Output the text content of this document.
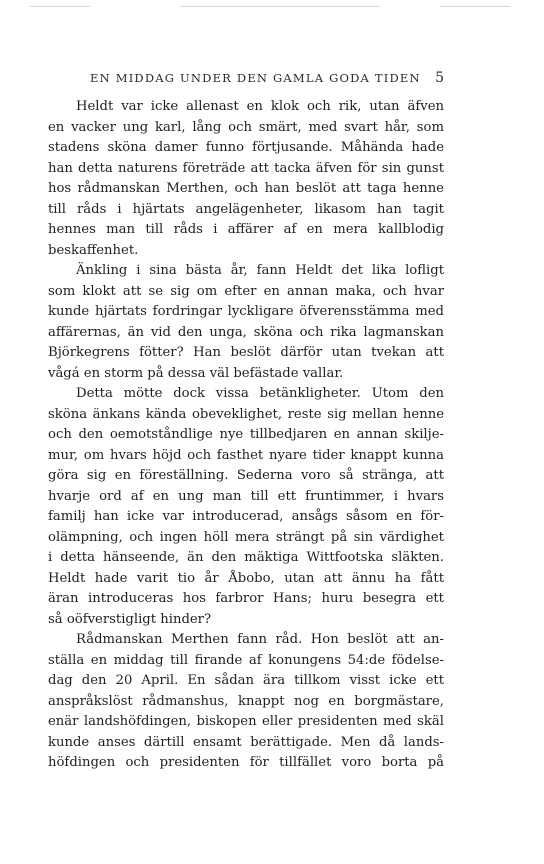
EN MIDDAG UNDER DEN GAMLA GODA TIDEN 5
Heldt var icke allenast en klok och rik, utan äfven
en vacker ung karl, lång och smärt, med svart hår, som
stadens sköna damer funno förtjusande. Måhända hade
han detta naturens företräde att tacka äfven för sin gunst
hos rådmanskan Merthen, och han beslöt att taga henne
till råds i hjärtats angelägenheter, likasom han tagit
hennes man till råds i affärer af en mera kallblodig
beskaffenhet.
Änkling i sina bästa år, fann Heldt det lika lofligt
som klokt att se sig om efter en annan maka, och hvar
kunde hjärtats fordringar lyckligare öfverensstämma med
affärernas, än vid den unga, sköna och rika lagmanskan
Björkegrens fötter? Han beslöt därför utan tvekan att
vågá en storm på dessa väl befästade vallar.
Detta mötte dock vissa betänkligheter. Utom den
sköna änkans kända obeveklighet, reste sig mellan henne
och den oemotståndlige nye tillbedjaren en annan skilje-
mur, om hvars höjd och fasthet nyare tider knappt kunna
göra sig en föreställning. Sederna voro så stränga, att
hvarje ord af en ung man till ett fruntimmer, i hvars
familj han icke var introducerad, ansågs såsom en för-
olämpning, och ingen höll mera strängt på sin värdighet
i detta hänseende, än den mäktiga Wittfootska släkten.
Heldt hade varit tio år Åbobo, utan att ännu ha fått
äran introduceras hos farbror Hans; huru besegra ett
så oöfverstigligt hinder?
Rådmanskan Merthen fann råd. Hon beslöt att an-
ställa en middag till firande af konungens 54:de födelse-
dag den 20 April. En sådan ära tillkom visst icke ett
anspråkslöst rådmanshus, knappt nog en borgmästare,
enär landshöfdingen, biskopen eller presidenten med skäl
kunde anses därtill ensamt berättigade. Men då lands-
höfdingen och presidenten för tillfället voro borta på
